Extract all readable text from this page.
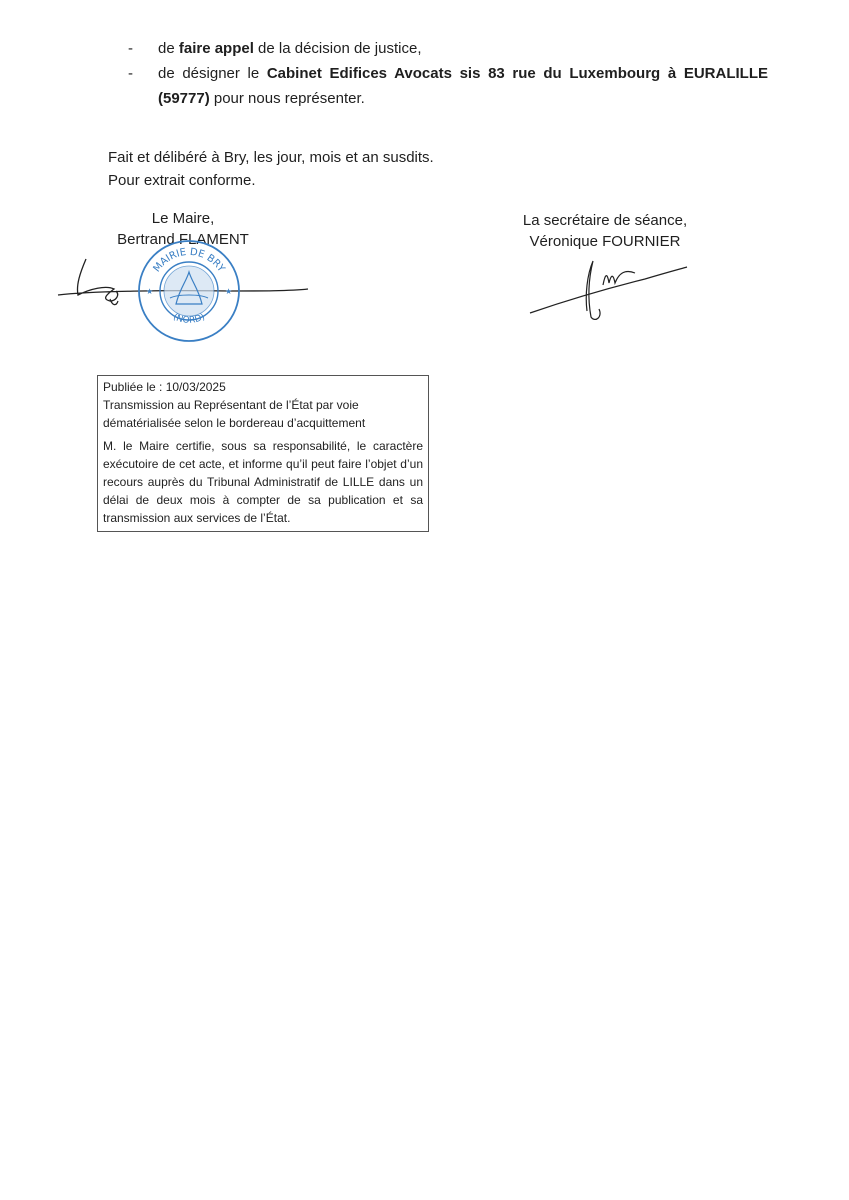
-	de faire appel de la décision de justice,
-	de désigner le Cabinet Edifices Avocats sis 83 rue du Luxembourg à EURALILLE (59777) pour nous représenter.
Fait et délibéré à Bry, les jour, mois et an susdits.
Pour extrait conforme.
Le Maire,
Bertrand FLAMENT
MAIRIE DE BRY
(NORD)
★	★
La secrétaire de séance,
Véronique FOURNIER
Publiée le : 10/03/2025
Transmission au Représentant de l’État par voie dématérialisée selon le bordereau d’acquittement
M. le Maire certifie, sous sa responsabilité, le caractère exécutoire de cet acte, et informe qu’il peut faire l’objet d’un recours auprès du Tribunal Administratif de LILLE dans un délai de deux mois à compter de sa publication et sa transmission aux services de l’État.
